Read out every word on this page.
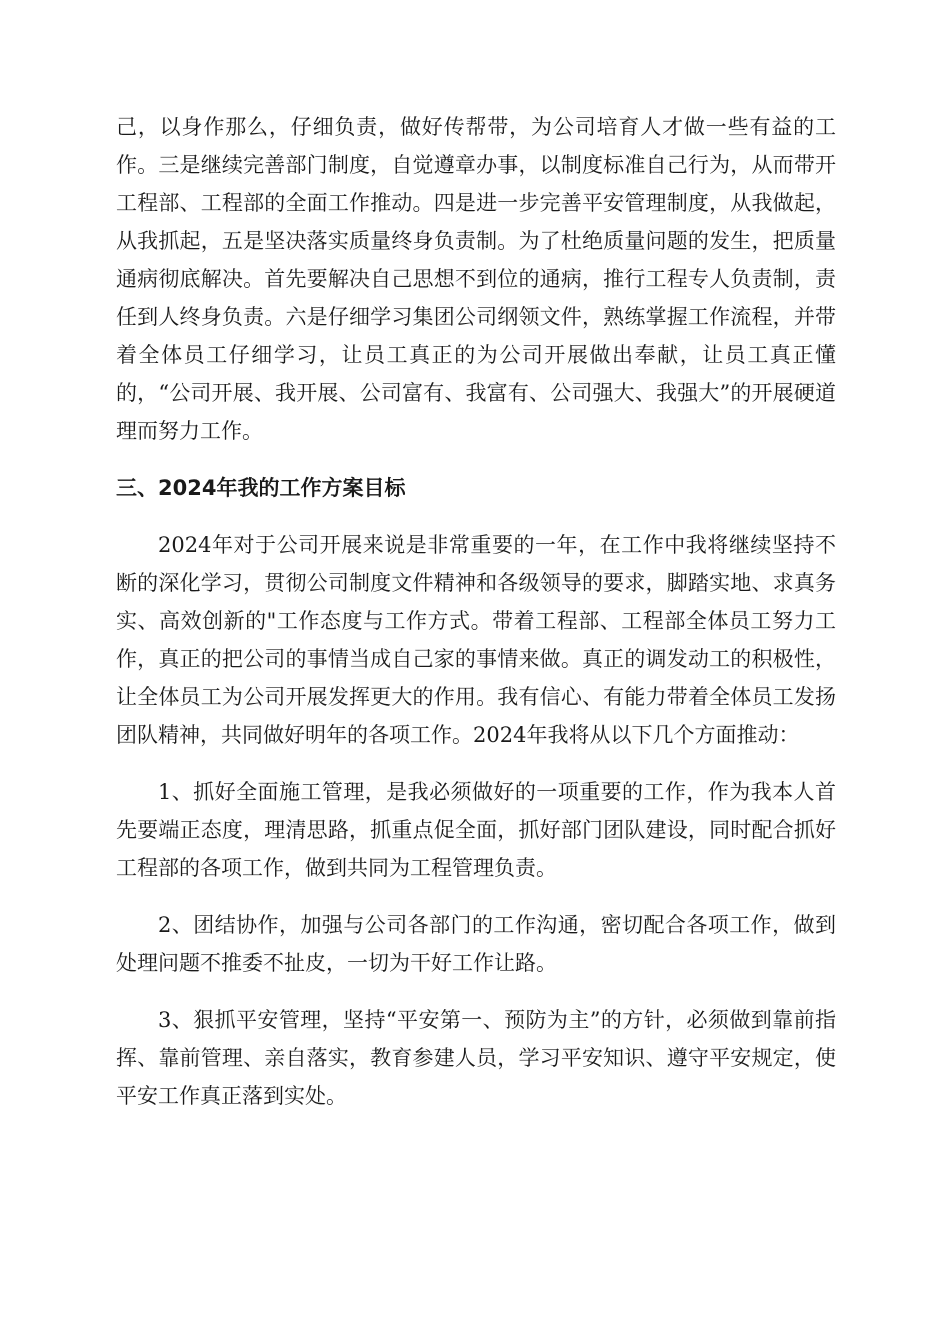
己，以身作那么，仔细负责，做好传帮带，为公司培育人才做一些有益的工作。三是继续完善部门制度，自觉遵章办事，以制度标准自己行为，从而带开工程部、工程部的全面工作推动。四是进一步完善平安管理制度，从我做起，从我抓起，五是坚决落实质量终身负责制。为了杜绝质量问题的发生，把质量通病彻底解决。首先要解决自己思想不到位的通病，推行工程专人负责制，责任到人终身负责。六是仔细学习集团公司纲领文件，熟练掌握工作流程，并带着全体员工仔细学习，让员工真正的为公司开展做出奉献，让员工真正懂的，“公司开展、我开展、公司富有、我富有、公司强大、我强大”的开展硬道理而努力工作。

三、2024年我的工作方案目标

2024年对于公司开展来说是非常重要的一年，在工作中我将继续坚持不断的深化学习，贯彻公司制度文件精神和各级领导的要求，脚踏实地、求真务实、高效创新的"工作态度与工作方式。带着工程部、工程部全体员工努力工作，真正的把公司的事情当成自己家的事情来做。真正的调发动工的积极性，让全体员工为公司开展发挥更大的作用。我有信心、有能力带着全体员工发扬团队精神，共同做好明年的各项工作。2024年我将从以下几个方面推动：

1、抓好全面施工管理，是我必须做好的一项重要的工作，作为我本人首先要端正态度，理清思路，抓重点促全面，抓好部门团队建设，同时配合抓好工程部的各项工作，做到共同为工程管理负责。

2、团结协作，加强与公司各部门的工作沟通，密切配合各项工作，做到处理问题不推委不扯皮，一切为干好工作让路。

3、狠抓平安管理，坚持“平安第一、预防为主”的方针，必须做到靠前指挥、靠前管理、亲自落实，教育参建人员，学习平安知识、遵守平安规定，使平安工作真正落到实处。
